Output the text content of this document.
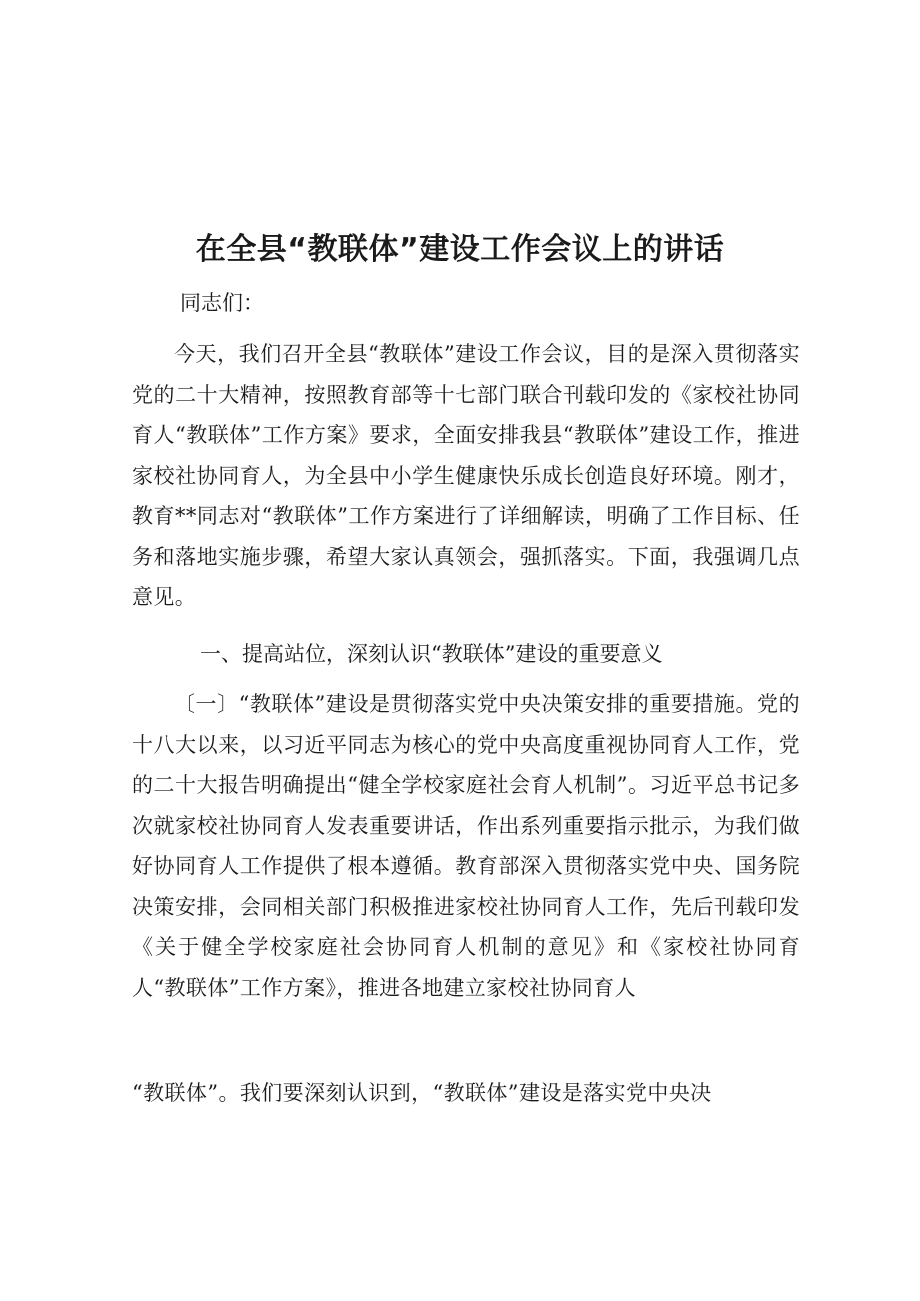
在全县“教联体”建设工作会议上的讲话

同志们：

今天，我们召开全县“教联体”建设工作会议，目的是深入贯彻落实党的二十大精神，按照教育部等十七部门联合刊载印发的《家校社协同育人“教联体”工作方案》要求，全面安排我县“教联体”建设工作，推进家校社协同育人，为全县中小学生健康快乐成长创造良好环境。刚才，教育**同志对“教联体”工作方案进行了详细解读，明确了工作目标、任务和落地实施步骤，希望大家认真领会，强抓落实。下面，我强调几点意见。

一、提高站位，深刻认识“教联体”建设的重要意义

〔一〕“教联体”建设是贯彻落实党中央决策安排的重要措施。党的十八大以来，以习近平同志为核心的党中央高度重视协同育人工作，党的二十大报告明确提出“健全学校家庭社会育人机制”。习近平总书记多次就家校社协同育人发表重要讲话，作出系列重要指示批示，为我们做好协同育人工作提供了根本遵循。教育部深入贯彻落实党中央、国务院决策安排，会同相关部门积极推进家校社协同育人工作，先后刊载印发《关于健全学校家庭社会协同育人机制的意见》和《家校社协同育人“教联体”工作方案》，推进各地建立家校社协同育人

“教联体”。我们要深刻认识到，“教联体”建设是落实党中央决
